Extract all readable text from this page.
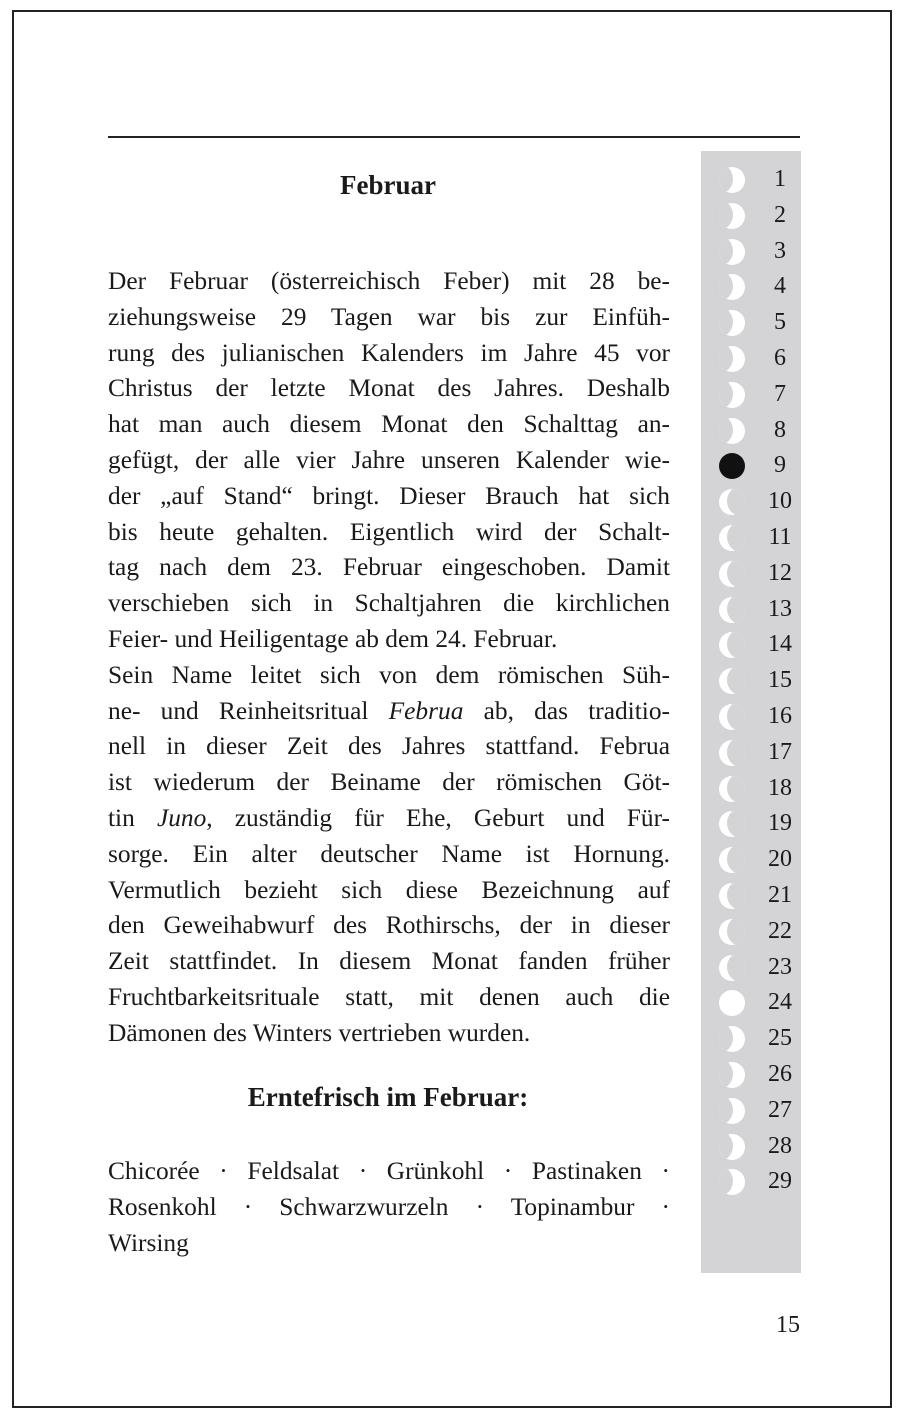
Februar
Der Februar (österreichisch Feber) mit 28 be-
ziehungsweise 29 Tagen war bis zur Einfüh-
rung des julianischen Kalenders im Jahre 45 vor
Christus der letzte Monat des Jahres. Deshalb
hat man auch diesem Monat den Schalttag an-
gefügt, der alle vier Jahre unseren Kalender wie-
der „auf Stand“ bringt. Dieser Brauch hat sich
bis heute gehalten. Eigentlich wird der Schalt-
tag nach dem 23. Februar eingeschoben. Damit
verschieben sich in Schaltjahren die kirchlichen
Feier- und Heiligentage ab dem 24. Februar.
Sein Name leitet sich von dem römischen Süh-
ne- und Reinheitsritual Februa ab, das traditio-
nell in dieser Zeit des Jahres stattfand. Februa
ist wiederum der Beiname der römischen Göt-
tin Juno, zuständig für Ehe, Geburt und Für-
sorge. Ein alter deutscher Name ist Hornung.
Vermutlich bezieht sich diese Bezeichnung auf
den Geweihabwurf des Rothirschs, der in dieser
Zeit stattfindet. In diesem Monat fanden früher
Fruchtbarkeitsrituale statt, mit denen auch die
Dämonen des Winters vertrieben wurden.
Erntefrisch im Februar:
Chicorée · Feldsalat · Grünkohl · Pastinaken ·
Rosenkohl · Schwarzwurzeln · Topinambur ·
Wirsing
1
2
3
4
5
6
7
8
9
10
11
12
13
14
15
16
17
18
19
20
21
22
23
24
25
26
27
28
29
15
